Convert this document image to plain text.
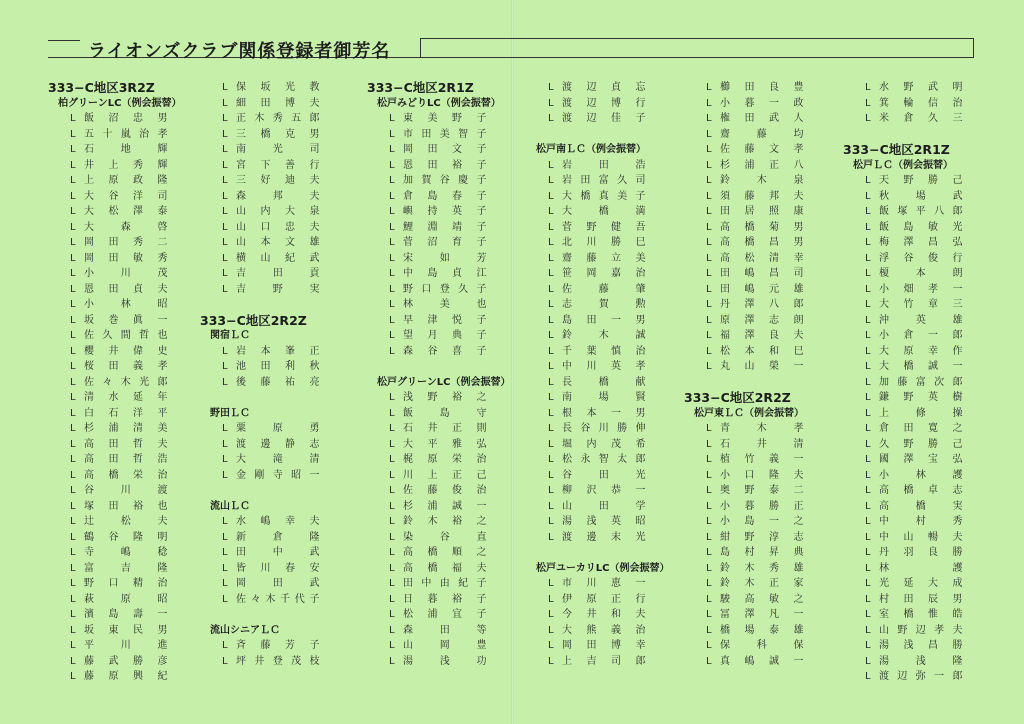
ライオンズクラブ関係登録者御芳名
333−C地区3R2Z
柏グリーンLC（例会振替）
L 飯沼忠男
L 五十嵐治孝
L 石地輝
L 井上秀輝
L 上原政隆
L 大谷洋司
L 大松澤泰
L 大森啓
L 岡田秀二
L 岡田敏秀
L 小川茂
L 恩田貞夫
L 小林昭
L 坂巻眞一
L 佐久間哲也
L 櫻井偉史
L 桜田義孝
L 佐々木光郎
L 清水延年
L 白石洋平
L 杉浦清美
L 高田哲夫
L 高田哲浩
L 高橋栄治
L 谷川渡
L 塚田裕也
L 辻松夫
L 鶴谷隆明
L 寺嶋稔
L 富吉隆
L 野口精治
L 萩原昭
L 濱島壽一
L 坂東民男
L 平川進
L 藤武勝彦
L 藤原興紀
L 保坂光教
L 細田博夫
L 正木秀五郎
L 三橋克男
L 南光司
L 宮下善行
L 三好迪夫
L 森邦夫
L 山内大泉
L 山口忠夫
L 山本文雄
L 横山紀武
L 吉田貢
L 吉野実
333−C地区2R2Z
関宿ＬＣ
L 岩本峯正
L 池田利秋
L 後藤祐亮
野田ＬＣ
L 粟原勇
L 渡邊静志
L 大滝清
L 金剛寺昭一
流山ＬＣ
L 水嶋幸夫
L 新倉隆
L 田中武
L 皆川春安
L 岡田武
L 佐々木千代子
流山シニアＬＣ
L 斉藤芳子
L 坪井登茂枝
333−C地区2R1Z
松戸みどりLC（例会振替）
L 東美野子
L 市田美智子
L 岡田文子
L 恩田裕子
L 加賀谷慶子
L 倉島春子
L 嶼持英子
L 鯉淵靖子
L 菅沼育子
L 宋如芳
L 中島貞江
L 野口登久子
L 林美也
L 早津悦子
L 望月典子
L 森谷喜子
松戸グリーンLC（例会振替）
L 浅野裕之
L 飯島守
L 石井正則
L 大平雅弘
L 梶原栄治
L 川上正己
L 佐藤俊治
L 杉浦誠一
L 鈴木裕之
L 染谷直
L 高橋順之
L 高橋福夫
L 田中由紀子
L 日暮裕子
L 松浦宜子
L 森田等
L 山岡豊
L 湯浅功
L 渡辺貞忘
L 渡辺博行
L 渡辺佳子
松戸南ＬＣ（例会振替）
L 岩田浩
L 岩田富久司
L 大橋真美子
L 大橋満
L 菅野健吾
L 北川勝巳
L 齋藤立美
L 笹岡嘉治
L 佐藤肇
L 志賀勲
L 島田一男
L 鈴木誠
L 千葉慎治
L 中川英孝
L 長橋献
L 南場賢
L 根本一男
L 長谷川勝伸
L 堀内茂希
L 松永智太郎
L 谷田光
L 柳沢恭一
L 山田学
L 湯浅英昭
L 渡邊末光
松戸ユーカリLC（例会振替）
L 市川恵一
L 伊原正行
L 今井和夫
L 大熊義治
L 岡田博幸
L 上吉司郎
L 櫛田良豊
L 小暮一政
L 権田武人
L 齋藤均
L 佐藤文孝
L 杉浦正八
L 鈴木泉
L 須藤邦夫
L 田居照康
L 高橋菊男
L 高橋昌男
L 高松清幸
L 田嶋昌司
L 田嶋元雄
L 丹澤八郎
L 原澤志朗
L 福澤良夫
L 松本和巳
L 丸山榮一
333−C地区2R2Z
松戸東ＬＣ（例会振替）
L 青木孝
L 石井清
L 植竹義一
L 小口隆夫
L 奥野泰二
L 小暮勝正
L 小島一之
L 紺野淳志
L 島村昇典
L 鈴木秀雄
L 鈴木正家
L 駿高敏之
L 冨澤凡一
L 橋場泰雄
L 保科保
L 真嶋誠一
L 水野武明
L 箕輪信治
L 米倉久三
333−C地区2R1Z
松戸ＬＣ（例会振替）
L 天野勝己
L 秋場武
L 飯塚平八郎
L 飯島敏光
L 梅澤昌弘
L 浮谷俊行
L 榎本朗
L 小畑孝一
L 大竹章三
L 沖英雄
L 小倉一郎
L 大原幸作
L 大橋誠一
L 加藤富次郎
L 鎌野英樹
L 上條操
L 倉田寛之
L 久野勝己
L 國澤宝弘
L 小林護
L 高橋卓志
L 高橋実
L 中村秀
L 中山暢夫
L 丹羽良勝
L 林護
L 光延大成
L 村田辰男
L 室橋惟皓
L 山野辺孝夫
L 湯浅昌勝
L 湯浅隆
L 渡辺弥一郎
